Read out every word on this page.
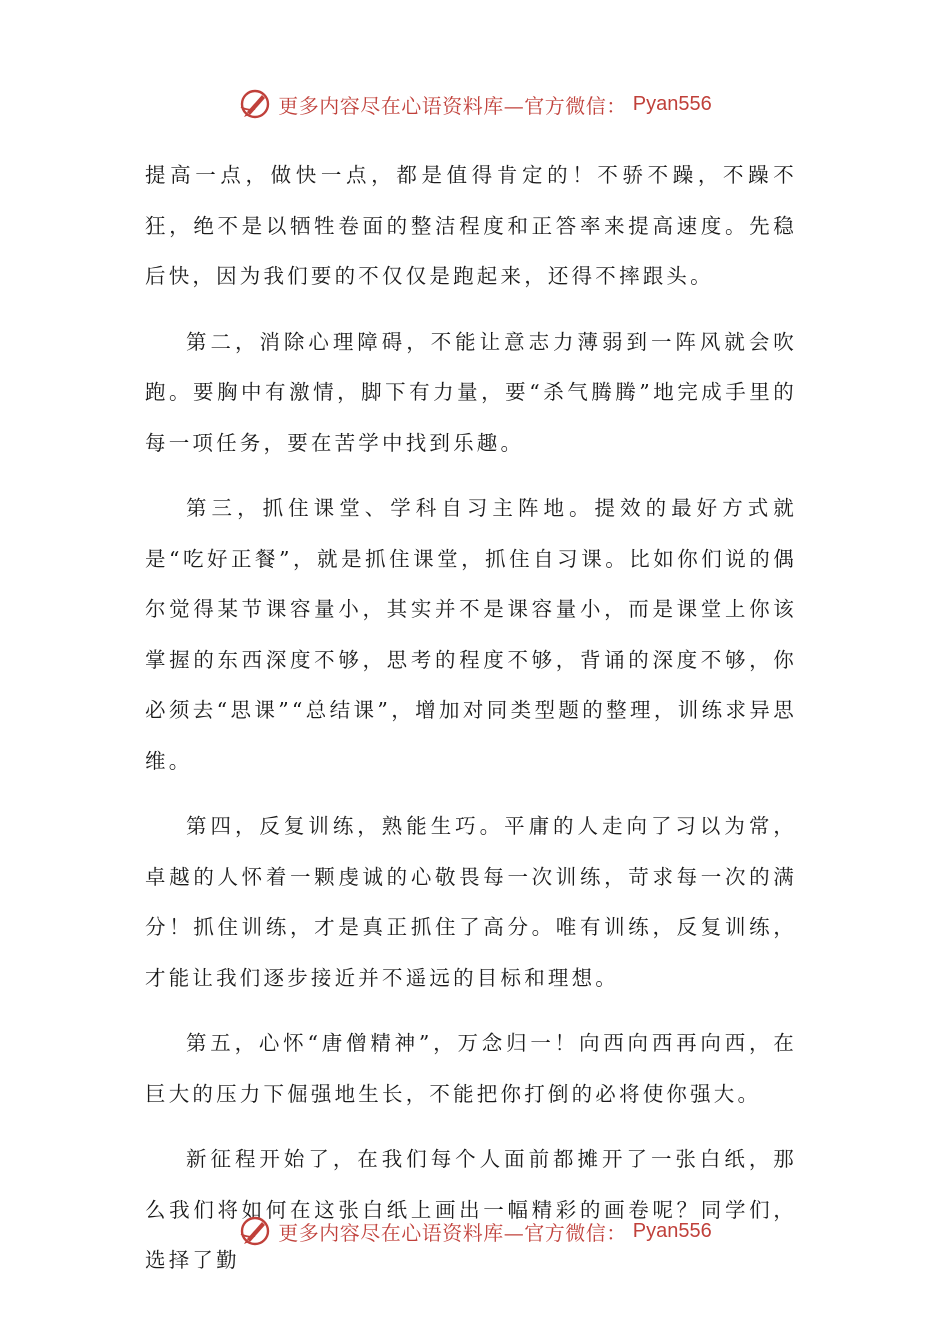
更多内容尽在心语资料库—官方微信： Pyan556

提高一点，做快一点，都是值得肯定的！不骄不躁，不躁不狂，绝不是以牺牲卷面的整洁程度和正答率来提高速度。先稳后快，因为我们要的不仅仅是跑起来，还得不摔跟头。

第二，消除心理障碍，不能让意志力薄弱到一阵风就会吹跑。要胸中有激情，脚下有力量，要“杀气腾腾”地完成手里的每一项任务，要在苦学中找到乐趣。

第三，抓住课堂、学科自习主阵地。提效的最好方式就是“吃好正餐”，就是抓住课堂，抓住自习课。比如你们说的偶尔觉得某节课容量小，其实并不是课容量小，而是课堂上你该掌握的东西深度不够，思考的程度不够，背诵的深度不够，你必须去“思课”“总结课”，增加对同类型题的整理，训练求异思维。

第四，反复训练，熟能生巧。平庸的人走向了习以为常，卓越的人怀着一颗虔诚的心敬畏每一次训练，苛求每一次的满分！抓住训练，才是真正抓住了高分。唯有训练，反复训练，才能让我们逐步接近并不遥远的目标和理想。

第五，心怀“唐僧精神”，万念归一！向西向西再向西，在巨大的压力下倔强地生长，不能把你打倒的必将使你强大。

新征程开始了，在我们每个人面前都摊开了一张白纸，那么我们将如何在这张白纸上画出一幅精彩的画卷呢？同学们，选择了勤

更多内容尽在心语资料库—官方微信： Pyan556
